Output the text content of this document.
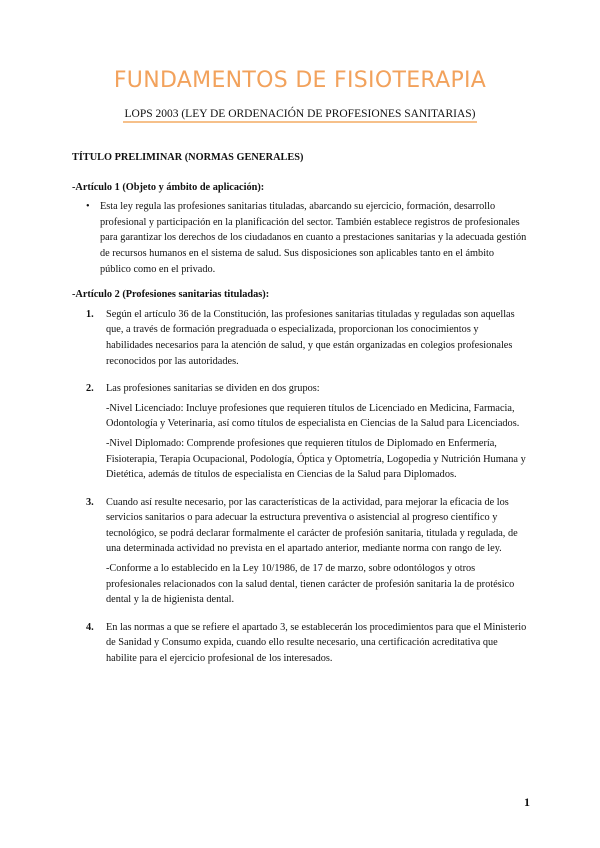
FUNDAMENTOS DE FISIOTERAPIA
LOPS 2003 (LEY DE ORDENACIÓN DE PROFESIONES SANITARIAS)
TÍTULO PRELIMINAR (NORMAS GENERALES)
-Artículo 1 (Objeto y ámbito de aplicación):
•	Esta ley regula las profesiones sanitarias tituladas, abarcando su ejercicio, formación, desarrollo profesional y participación en la planificación del sector. También establece registros de profesionales para garantizar los derechos de los ciudadanos en cuanto a prestaciones sanitarias y la adecuada gestión de recursos humanos en el sistema de salud. Sus disposiciones son aplicables tanto en el ámbito público como en el privado.
-Artículo 2 (Profesiones sanitarias tituladas):
1.	Según el artículo 36 de la Constitución, las profesiones sanitarias tituladas y reguladas son aquellas que, a través de formación pregraduada o especializada, proporcionan los conocimientos y habilidades necesarios para la atención de salud, y que están organizadas en colegios profesionales reconocidos por las autoridades.

2.	Las profesiones sanitarias se dividen en dos grupos:

-Nivel Licenciado: Incluye profesiones que requieren títulos de Licenciado en Medicina, Farmacia, Odontología y Veterinaria, así como títulos de especialista en Ciencias de la Salud para Licenciados.

-Nivel Diplomado: Comprende profesiones que requieren títulos de Diplomado en Enfermería, Fisioterapia, Terapia Ocupacional, Podología, Óptica y Optometría, Logopedia y Nutrición Humana y Dietética, además de títulos de especialista en Ciencias de la Salud para Diplomados.

3.	Cuando así resulte necesario, por las características de la actividad, para mejorar la eficacia de los servicios sanitarios o para adecuar la estructura preventiva o asistencial al progreso científico y tecnológico, se podrá declarar formalmente el carácter de profesión sanitaria, titulada y regulada, de una determinada actividad no prevista en el apartado anterior, mediante norma con rango de ley.

-Conforme a lo establecido en la Ley 10/1986, de 17 de marzo, sobre odontólogos y otros profesionales relacionados con la salud dental, tienen carácter de profesión sanitaria la de protésico dental y la de higienista dental.

4.	En las normas a que se refiere el apartado 3, se establecerán los procedimientos para que el Ministerio de Sanidad y Consumo expida, cuando ello resulte necesario, una certificación acreditativa que habilite para el ejercicio profesional de los interesados.

1
